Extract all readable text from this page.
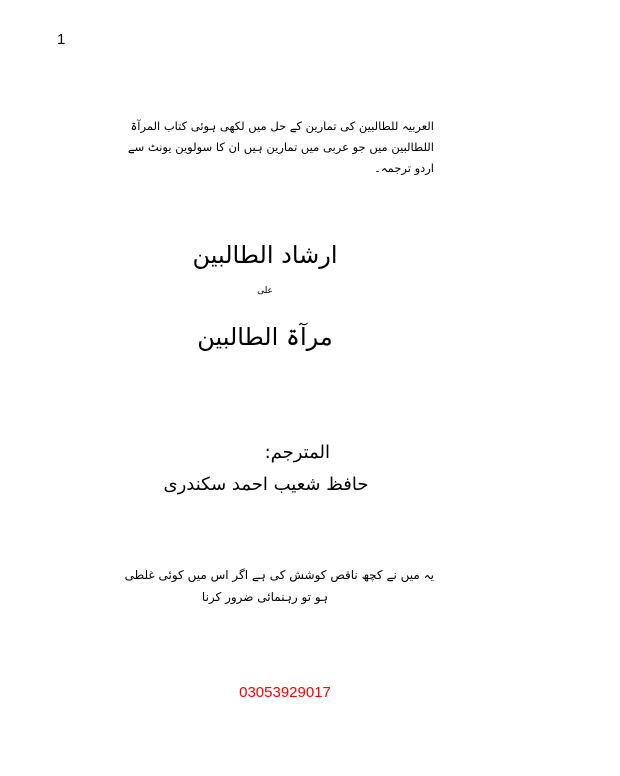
1

العربیہ للطالبین کی تمارین کے حل میں لکھی ہوئی کتاب المرآۃ

اللطالبین میں جو عربی میں تمارین ہیں ان کا سولوین یونٹ سے

اردو ترجمہ۔

ارشاد الطالبین
علی
مرآۃ الطالبین
المترجم:
حافظ شعیب احمد سکندری

یہ میں نے کچھ ناقص کوشش کی ہے اگر اس میں کوئی غلطی

ہو تو رہنمائی ضرور کرنا

03053929017
